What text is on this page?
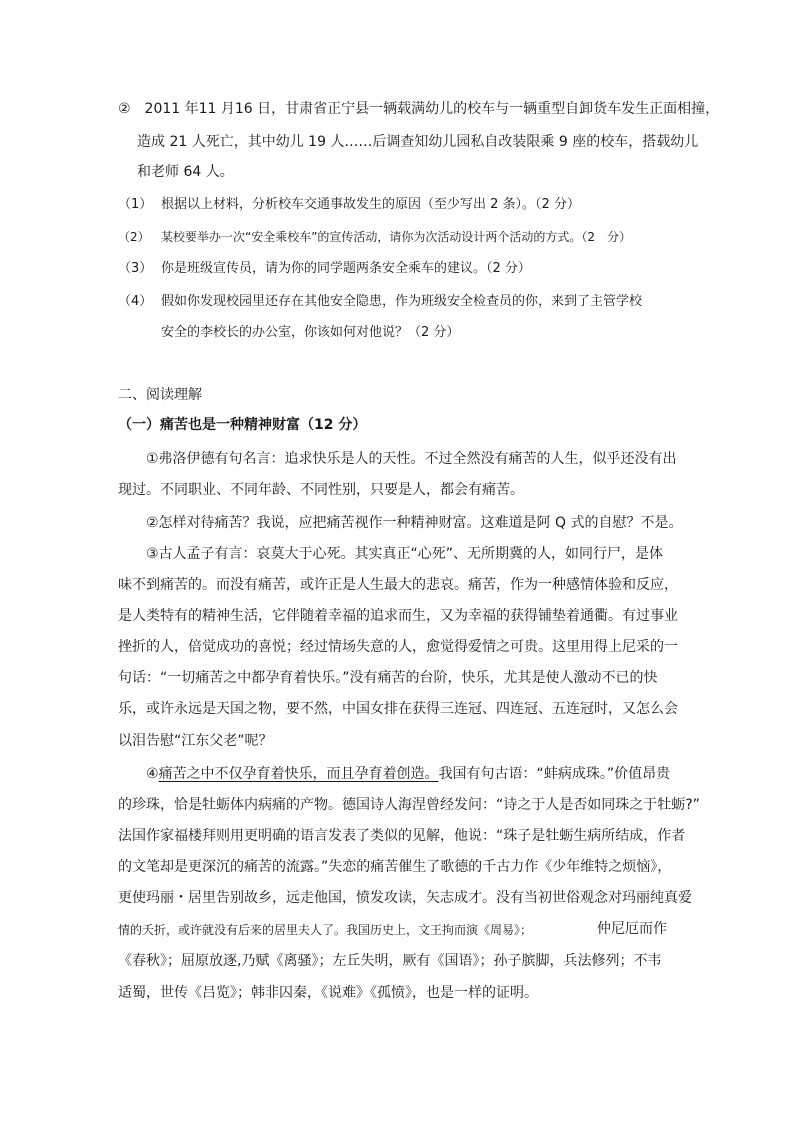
②　2011 年11 月16 日，甘肃省正宁县一辆载满幼儿的校车与一辆重型自卸货车发生正面相撞，
造成 21 人死亡，其中幼儿 19 人……后调查知幼儿园私自改装限乘 9 座的校车，搭载幼儿
和老师 64 人。
（1） 根据以上材料，分析校车交通事故发生的原因（至少写出 2 条）。（2 分）
（2） 某校要举办一次“安全乘校车”的宣传活动，请你为次活动设计两个活动的方式。（2　分）
（3） 你是班级宣传员，请为你的同学题两条安全乘车的建议。（2 分）
（4） 假如你发现校园里还存在其他安全隐患，作为班级安全检查员的你，来到了主管学校
安全的李校长的办公室，你该如何对他说？（2 分）
二、阅读理解
（一）痛苦也是一种精神财富（12 分）
①弗洛伊德有句名言：追求快乐是人的天性。不过全然没有痛苦的人生，似乎还没有出
现过。不同职业、不同年龄、不同性别，只要是人，都会有痛苦。
②怎样对待痛苦？我说，应把痛苦视作一种精神财富。这难道是阿 Q 式的自慰？不是。
③古人孟子有言：哀莫大于心死。其实真正“心死”、无所期冀的人，如同行尸，是体
味不到痛苦的。而没有痛苦，或许正是人生最大的悲哀。痛苦，作为一种感情体验和反应，
是人类特有的精神生活，它伴随着幸福的追求而生，又为幸福的获得铺垫着通衢。有过事业
挫折的人，倍觉成功的喜悦；经过情场失意的人，愈觉得爱情之可贵。这里用得上尼采的一
句话：“一切痛苦之中都孕育着快乐。”没有痛苦的台阶，快乐，尤其是使人激动不已的快
乐，或许永远是天国之物，要不然，中国女排在获得三连冠、四连冠、五连冠时，又怎么会
以泪告慰“江东父老”呢？
④痛苦之中不仅孕育着快乐，而且孕育着创造。我国有句古语：“蚌病成珠。”价值昂贵
的珍珠，恰是牡蛎体内病痛的产物。德国诗人海涅曾经发问：“诗之于人是否如同珠之于牡蛎?”
法国作家福楼拜则用更明确的语言发表了类似的见解，他说：“珠子是牡蛎生病所结成，作者
的文笔却是更深沉的痛苦的流露。”失恋的痛苦催生了歌德的千古力作《少年维特之烦恼》，
更使玛丽・居里告别故乡，远走他国，愤发攻读，矢志成才。没有当初世俗观念对玛丽纯真爱
情的夭折，或许就没有后来的居里夫人了。我国历史上，文王拘而演《周易》；	仲尼厄而作
《春秋》；屈原放逐,乃赋《离骚》；左丘失明，厥有《国语》；孙子膑脚，兵法修列；不韦
适蜀，世传《吕览》；韩非囚秦，《说难》《孤愤》，也是一样的证明。
